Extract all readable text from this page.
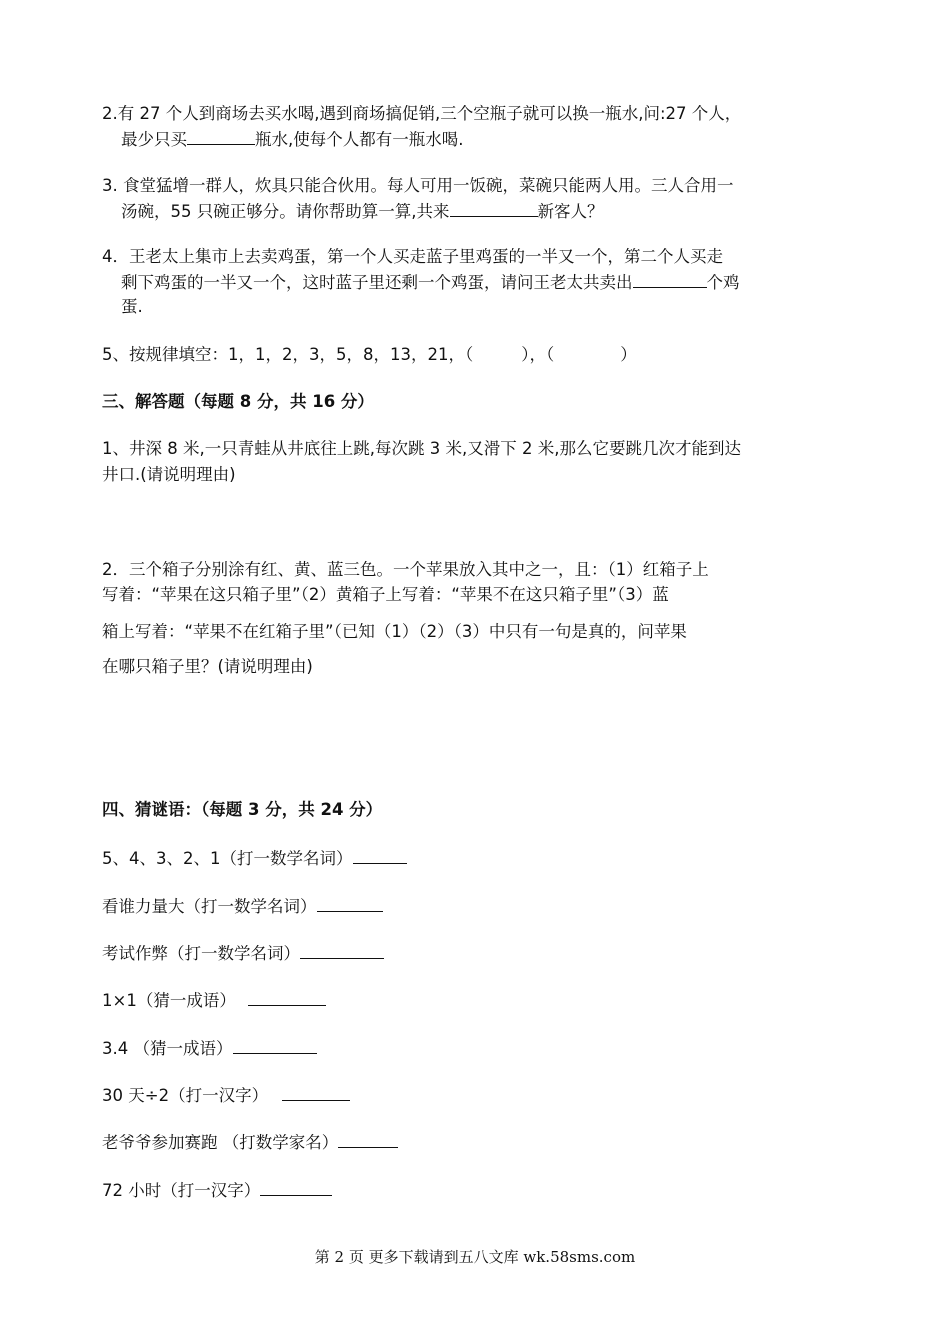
2.有 27 个人到商场去买水喝,遇到商场搞促销,三个空瓶子就可以换一瓶水,问:27 个人，
最少只买	瓶水,使每个人都有一瓶水喝.
3. 食堂猛增一群人，炊具只能合伙用。每人可用一饭碗，菜碗只能两人用。三人合用一
汤碗，55 只碗正够分。请你帮助算一算,共来	新客人？
4．王老太上集市上去卖鸡蛋，第一个人买走蓝子里鸡蛋的一半又一个，第二个人买走
剩下鸡蛋的一半又一个，这时蓝子里还剩一个鸡蛋，请问王老太共卖出	个鸡
蛋.
5、按规律填空：1，1，2，3，5，8，13，21，（	），（	）
三、解答题（每题 8 分，共 16 分）
1、井深 8 米,一只青蛙从井底往上跳,每次跳 3 米,又滑下 2 米,那么它要跳几次才能到达
井口.(请说明理由)
2．三个箱子分别涂有红、黄、蓝三色。一个苹果放入其中之一，且：（1）红箱子上
写着：“苹果在这只箱子里”（2）黄箱子上写着：“苹果不在这只箱子里”（3）蓝
箱上写着：“苹果不在红箱子里”（已知（1）（2）（3）中只有一句是真的，问苹果
在哪只箱子里？(请说明理由)
四、猜谜语：（每题 3 分，共 24 分）
5、4、3、2、1（打一数学名词）
看谁力量大（打一数学名词）
考试作弊（打一数学名词）
1×1（猜一成语）
3.4 （猜一成语）
30 天÷2（打一汉字）
老爷爷参加赛跑 （打数学家名）
72 小时（打一汉字）
第 2 页 更多下载请到五八文库 wk.58sms.com
